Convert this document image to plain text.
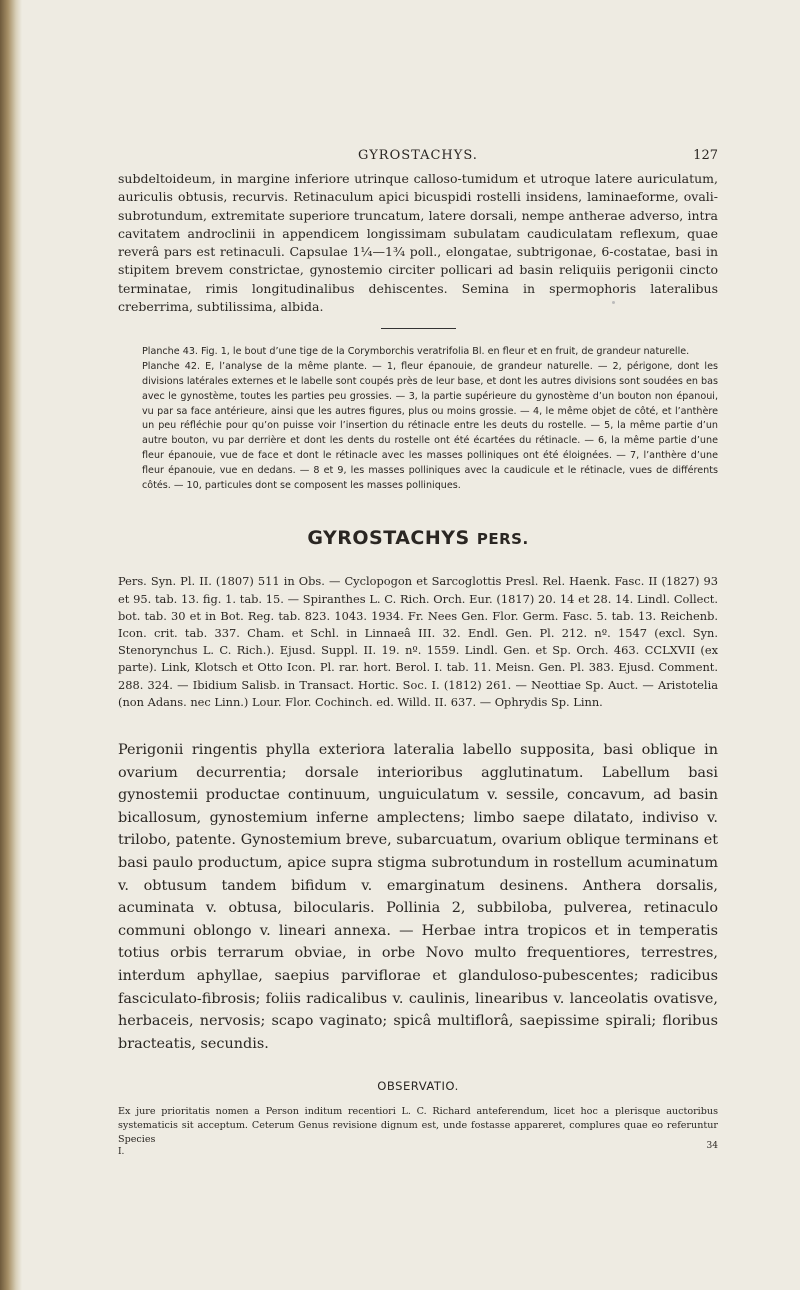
GYROSTACHYS.	127

subdeltoideum, in margine inferiore utrinque calloso-tumidum et utroque latere auriculatum, auriculis obtusis, recurvis. Retinaculum apici bicuspidi rostelli insidens, laminaeforme, ovali-subrotundum, extremitate superiore truncatum, latere dorsali, nempe antherae adverso, intra cavitatem androclinii in appendicem longissimam subulatam caudiculatam reflexum, quae reverâ pars est retinaculi. Capsulae 1¼—1¾ poll., elongatae, subtrigonae, 6-costatae, basi in stipitem brevem constrictae, gynostemio circiter pollicari ad basin reliquiis perigonii cincto terminatae, rimis longitudinalibus dehiscentes. Semina in spermophoris lateralibus creberrima, subtilissima, albida.

Planche 43. Fig. 1, le bout d’une tige de la Corymborchis veratrifolia Bl. en fleur et en fruit, de grandeur naturelle.

Planche 42. E, l’analyse de la même plante. — 1, fleur épanouie, de grandeur naturelle. — 2, périgone, dont les divisions latérales externes et le labelle sont coupés près de leur base, et dont les autres divisions sont soudées en bas avec le gynostème, toutes les parties peu grossies. — 3, la partie supérieure du gynostème d’un bouton non épanoui, vu par sa face antérieure, ainsi que les autres figures, plus ou moins grossie. — 4, le même objet de côté, et l’anthère un peu réfléchie pour qu’on puisse voir l’insertion du rétinacle entre les deuts du rostelle. — 5, la même partie d’un autre bouton, vu par derrière et dont les dents du rostelle ont été écartées du rétinacle. — 6, la même partie d’une fleur épanouie, vue de face et dont le rétinacle avec les masses polliniques ont été éloignées. — 7, l’anthère d’une fleur épanouie, vue en dedans. — 8 et 9, les masses polliniques avec la caudicule et le rétinacle, vues de différents côtés. — 10, particules dont se composent les masses polliniques.

GYROSTACHYS PERS.

Pers. Syn. Pl. II. (1807) 511 in Obs. — Cyclopogon et Sarcoglottis Presl. Rel. Haenk. Fasc. II (1827) 93 et 95. tab. 13. fig. 1. tab. 15. — Spiranthes L. C. Rich. Orch. Eur. (1817) 20. 14 et 28. 14. Lindl. Collect. bot. tab. 30 et in Bot. Reg. tab. 823. 1043. 1934. Fr. Nees Gen. Flor. Germ. Fasc. 5. tab. 13. Reichenb. Icon. crit. tab. 337. Cham. et Schl. in Linnaeâ III. 32. Endl. Gen. Pl. 212. nº. 1547 (excl. Syn. Stenorynchus L. C. Rich.). Ejusd. Suppl. II. 19. nº. 1559. Lindl. Gen. et Sp. Orch. 463. CCLXVII (ex parte). Link, Klotsch et Otto Icon. Pl. rar. hort. Berol. I. tab. 11. Meisn. Gen. Pl. 383. Ejusd. Comment. 288. 324. — Ibidium Salisb. in Transact. Hortic. Soc. I. (1812) 261. — Neottiae Sp. Auct. — Aristotelia (non Adans. nec Linn.) Lour. Flor. Cochinch. ed. Willd. II. 637. — Ophrydis Sp. Linn.

Perigonii ringentis phylla exteriora lateralia labello supposita, basi oblique in ovarium decurrentia; dorsale interioribus agglutinatum. Labellum basi gynostemii productae continuum, unguiculatum v. sessile, concavum, ad basin bicallosum, gynostemium inferne amplectens; limbo saepe dilatato, indiviso v. trilobo, patente. Gynostemium breve, subarcuatum, ovarium oblique terminans et basi paulo productum, apice supra stigma subrotundum in rostellum acuminatum v. obtusum tandem bifidum v. emarginatum desinens. Anthera dorsalis, acuminata v. obtusa, bilocularis. Pollinia 2, subbiloba, pulverea, retinaculo communi oblongo v. lineari annexa. — Herbae intra tropicos et in temperatis totius orbis terrarum obviae, in orbe Novo multo frequentiores, terrestres, interdum aphyllae, saepius parviflorae et glanduloso-pubescentes; radicibus fasciculato-fibrosis; foliis radicalibus v. caulinis, linearibus v. lanceolatis ovatisve, herbaceis, nervosis; scapo vaginato; spicâ multiflorâ, saepissime spirali; floribus bracteatis, secundis.

OBSERVATIO.

Ex jure prioritatis nomen a Person inditum recentiori L. C. Richard anteferendum, licet hoc a plerisque auctoribus systematicis sit acceptum. Ceterum Genus revisione dignum est, unde fostasse appareret, complures quae eo referuntur Species

I.
34
